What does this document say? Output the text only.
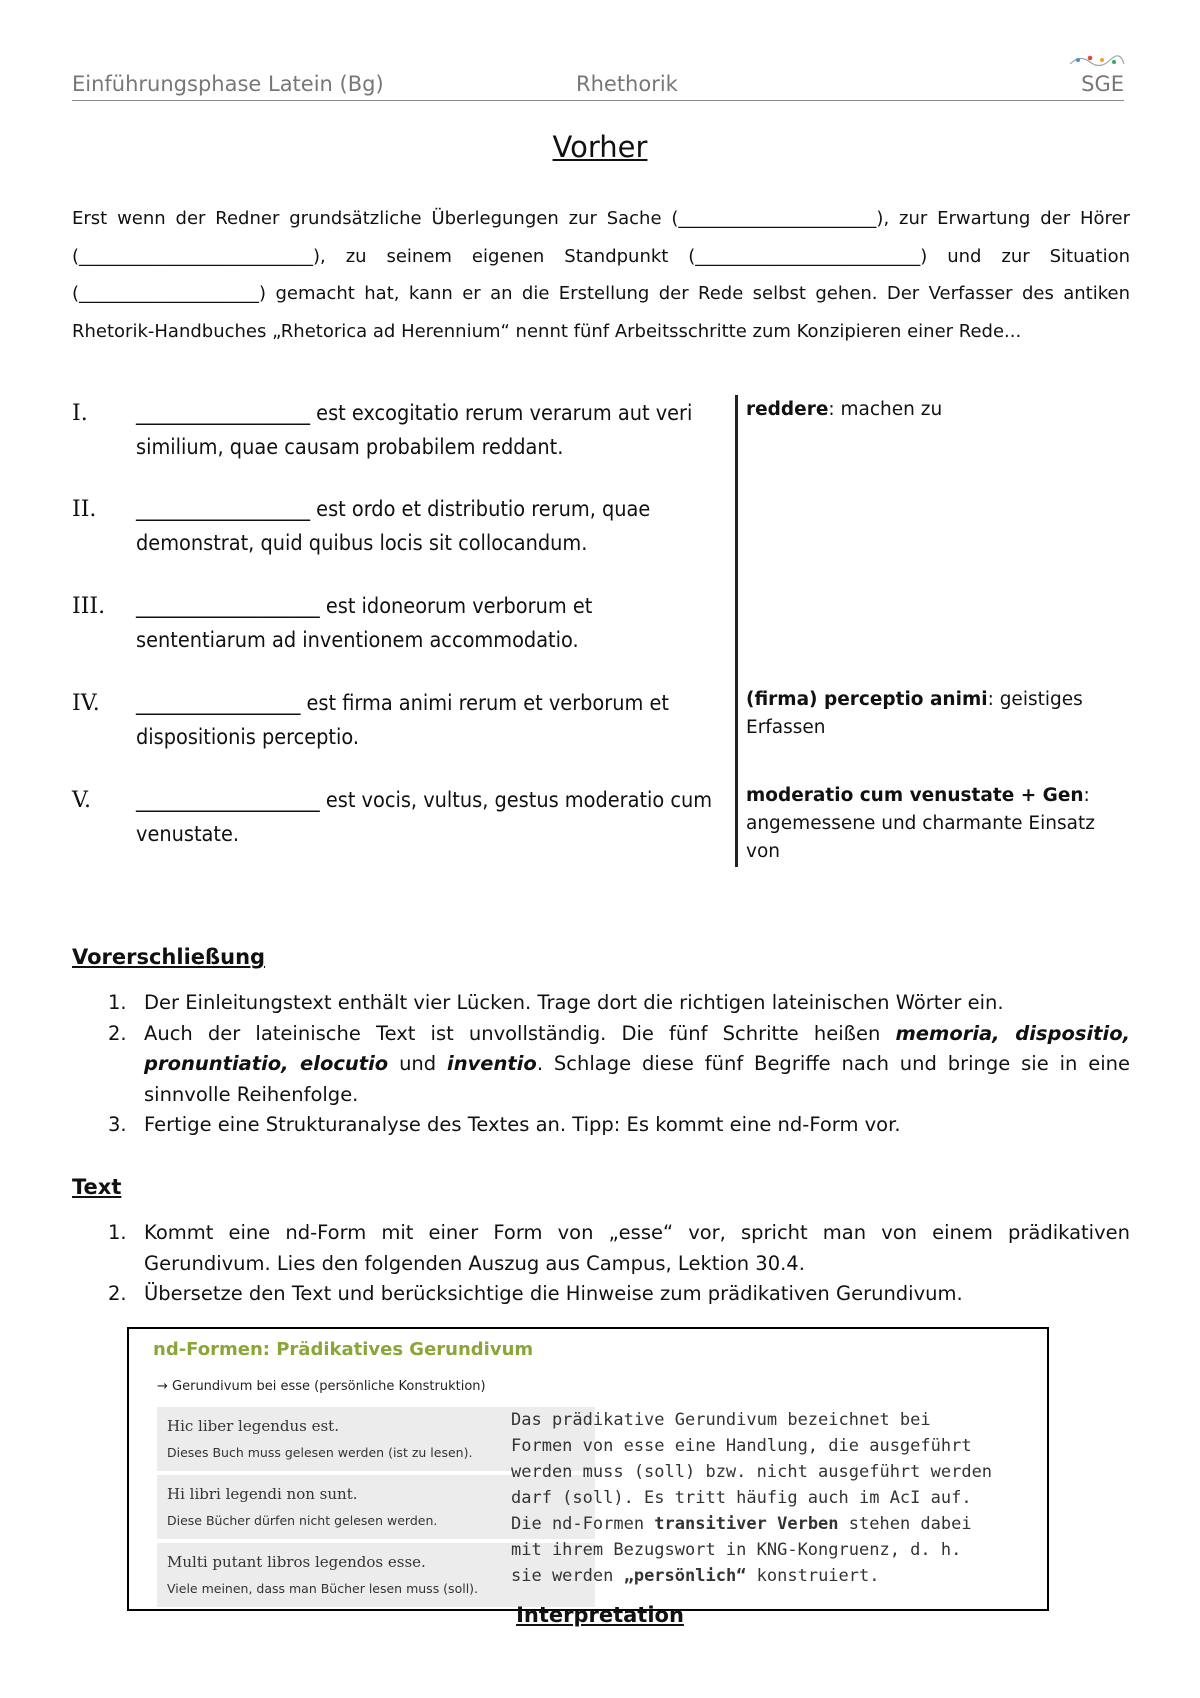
Einführungsphase Latein (Bg)	Rhethorik	SGE
Vorher
Erst wenn der Redner grundsätzliche Überlegungen zur Sache (______________________), zur Erwartung der Hörer (__________________________), zu seinem eigenen Standpunkt (_________________________) und zur Situation (____________________) gemacht hat, kann er an die Erstellung der Rede selbst gehen. Der Verfasser des antiken Rhetorik-Handbuches „Rhetorica ad Herennium“ nennt fünf Arbeitsschritte zum Konzipieren einer Rede...
I. __________________ est excogitatio rerum verarum aut veri similium, quae causam probabilem reddant.
II. __________________ est ordo et distributio rerum, quae demonstrat, quid quibus locis sit collocandum.
III. ___________________ est idoneorum verborum et sententiarum ad inventionem accommodatio.
IV. _________________ est firma animi rerum et verborum et dispositionis perceptio.
V. ___________________ est vocis, vultus, gestus moderatio cum venustate.
reddere: machen zu
(firma) perceptio animi: geistiges Erfassen
moderatio cum venustate + Gen: angemessene und charmante Einsatz von
Vorerschließung
1. Der Einleitungstext enthält vier Lücken. Trage dort die richtigen lateinischen Wörter ein.
2. Auch der lateinische Text ist unvollständig. Die fünf Schritte heißen memoria, dispositio, pronuntiatio, elocutio und inventio. Schlage diese fünf Begriffe nach und bringe sie in eine sinnvolle Reihenfolge.
3. Fertige eine Strukturanalyse des Textes an. Tipp: Es kommt eine nd-Form vor.
Text
1. Kommt eine nd-Form mit einer Form von „esse“ vor, spricht man von einem prädikativen Gerundivum. Lies den folgenden Auszug aus Campus, Lektion 30.4.
2. Übersetze den Text und berücksichtige die Hinweise zum prädikativen Gerundivum.
nd-Formen: Prädikatives Gerundivum
→ Gerundivum bei esse (persönliche Konstruktion)
Hic liber legendus est.
Dieses Buch muss gelesen werden (ist zu lesen).
Hi libri legendi non sunt.
Diese Bücher dürfen nicht gelesen werden.
Multi putant libros legendos esse.
Viele meinen, dass man Bücher lesen muss (soll).
Das prädikative Gerundivum bezeichnet bei Formen von esse eine Handlung, die ausgeführt werden muss (soll) bzw. nicht ausgeführt werden darf (soll). Es tritt häufig auch im AcI auf.
Die nd-Formen transitiver Verben stehen dabei mit ihrem Bezugswort in KNG-Kongruenz, d. h. sie werden „persönlich“ konstruiert.
Interpretation
